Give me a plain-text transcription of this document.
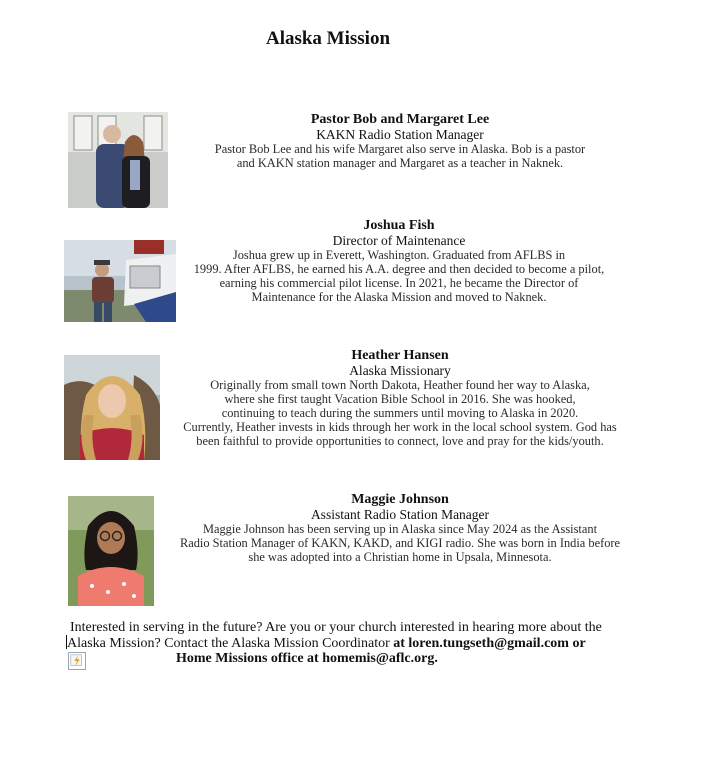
Alaska Mission
Pastor Bob and Margaret Lee
KAKN Radio Station Manager
Pastor Bob Lee and his wife Margaret also serve in Alaska. Bob is a pastor
and KAKN station manager and Margaret as a teacher in Naknek.
Joshua Fish
Director of Maintenance
Joshua grew up in Everett, Washington. Graduated from AFLBS in
1999. After AFLBS, he earned his A.A. degree and then decided to become a pilot,
earning his commercial pilot license. In 2021, he became the Director of
Maintenance for the Alaska Mission and moved to Naknek.
Heather Hansen
Alaska Missionary
Originally from small town North Dakota, Heather found her way to Alaska,
where she first taught Vacation Bible School in 2016. She was hooked,
continuing to teach during the summers until moving to Alaska in 2020.
Currently, Heather invests in kids through her work in the local school system. God has
been faithful to provide opportunities to connect, love and pray for the kids/youth.
Maggie Johnson
Assistant Radio Station Manager
Maggie Johnson has been serving up in Alaska since May 2024 as the Assistant
Radio Station Manager of KAKN, KAKD, and KIGI radio. She was born in India before
she was adopted into a Christian home in Upsala, Minnesota.
Interested in serving in the future? Are you or your church interested in hearing more about the
Alaska Mission? Contact the Alaska Mission Coordinator at loren.tungseth@gmail.com or
Home Missions office at homemis@aflc.org.
